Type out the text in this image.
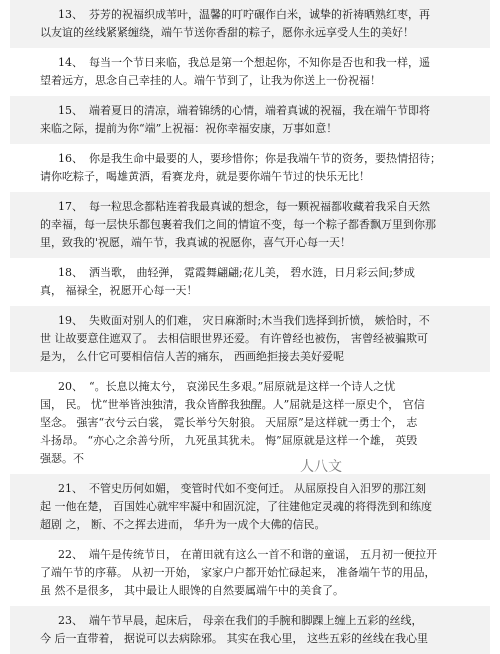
13、 芬芳的祝福织成苇叶，温馨的叮咛碾作白米，诚挚的祈祷晒熟红枣，再
以友谊的丝线紧紧缠绕，端午节送你香甜的粽子，愿你永远享受人生的美好！
14、 每当一个节日来临，我总是第一个想起你，不知你是否也和我一样，遥
望着远方，思念自己幸挂的人。端午节到了，让我为你送上一份祝福！
15、 端着夏日的清凉，端着锦绣的心情，端着真诚的祝福，我在端午节即将
来临之际，提前为你“端”上祝福：祝你幸福安康，万事如意！
16、 你是我生命中最要的人，要珍惜你；你是我端午节的资务，要热情招待；
请你吃粽子，喝雄黄酒，看赛龙舟，就是要你端午节过的快乐无比！
17、 每一粒思念都粘连着我最真诚的想念，每一颗祝福都收藏着我采自天然
的幸福，每一层快乐都包裹着我们之间的情谊不变，每一个粽子都香飘万里到你那
里，致我的'祝愿，端午节，我真诚的祝愿你，喜气开心每一天！
18、 洒当歌， 曲轻弹， 霓霞舞翩翩;花儿美， 碧水涟，日月彩云间;梦成
真， 福禄全，祝愿开心每一天！
19、 失败面对别人的们难， 灾日麻渐时;木当我们选择到折愤， 嫉恰时，不
世 让故要意住遮双了。 去相信眼世界还爱。 有许曾经也被伤， 害曾经被骗欺可
是为， 么什它可要相信信人苦的痛东， 西画绝拒接去美好爱呢
20、 “。长息以掩太兮， 哀涕民生多艰。”屈原就是这样一个诗人之忧
国， 民。 忧“世举皆浊独清，我众皆醉我独醒。人”屈就是这样一原史个， 官信
坚念。 强害“衣兮云白裳， 霓长举兮矢射狼。 天屈原”是这样就一勇士个， 志
斗扬昂。 “亦心之余善兮所， 九死虽其犹未。 悔”屈原就是这样一个雄， 英毁
强瑟。不
21、 不管史历何如媚， 变管时代如不变何迁。 从屈原投自入汨罗的那江刻
起 一他在楚， 百国姓心就牢牢凝中和固沉淀，了往建他定灵魂的将得洗到和练度
超剧 之， 断、不之挥去进而， 华升为一成个大佛的信民。
22、 端午是传统节日， 在莆田就有这么一首不和谐的童谣， 五月初一便拉开
了端午节的序幕。 从初一开始， 家家户户都开始忙碌起来， 准备端午节的用品，
虽 然不是很多， 其中最让人眼馋的自然要属端午中的美食了。
23、 端午节早晨，起床后， 母亲在我们的手腕和脚踝上缠上五彩的丝线，
今 后一直带着， 据说可以去病除邪。 其实在我心里， 这些五彩的丝线在我心里
人八文
